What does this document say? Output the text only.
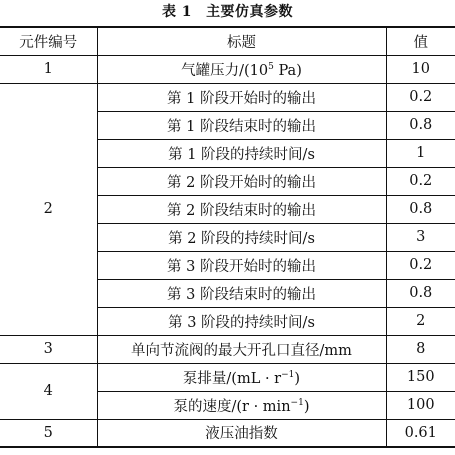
表 1 主要仿真参数
元件编号	标题	值
1	气罐压力$/(10^5$ Pa)	10
2	第 1 阶段开始时的输出	0.2
	第 1 阶段结束时的输出	0.8
	第 1 阶段的持续时间/s	1
	第 2 阶段开始时的输出	0.2
	第 2 阶段结束时的输出	0.8
	第 2 阶段的持续时间/s	3
	第 3 阶段开始时的输出	0.2
	第 3 阶段结束时的输出	0.8
	第 3 阶段的持续时间/s	2
3	单向节流阀的最大开孔口直径/mm	8
4	泵排量$/(mL \cdot r^{-1})$	150
	泵的速度$/(r \cdot \min^{-1})$	100
5	液压油指数	0.61
